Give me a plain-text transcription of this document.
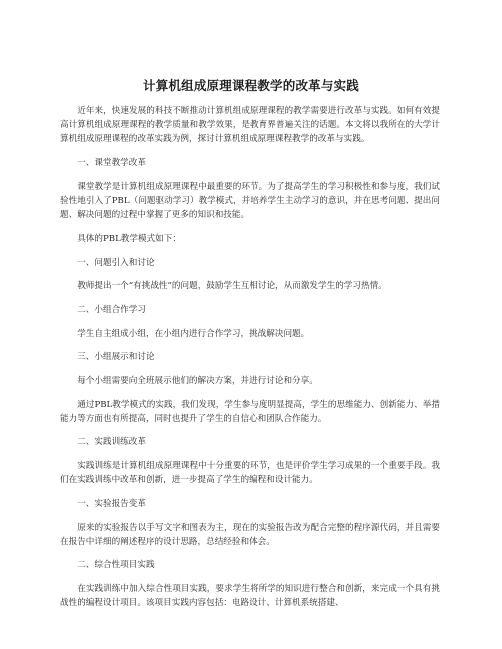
计算机组成原理课程教学的改革与实践

近年来，快速发展的科技不断推动计算机组成原理课程的教学需要进行改革与实践。如何有效提高计算机组成原理课程的教学质量和教学效果，是教育界普遍关注的话题。本文将以我所在的大学计算机组成原理课程的改革实践为例，探讨计算机组成原理课程教学的改革与实践。

一、课堂教学改革

课堂教学是计算机组成原理课程中最重要的环节。为了提高学生的学习积极性和参与度，我们试验性地引入了PBL（问题驱动学习）教学模式，并培养学生主动学习的意识，并在思考问题、提出问题、解决问题的过程中掌握了更多的知识和技能。

具体的PBL教学模式如下：

一、问题引入和讨论

教师提出一个“有挑战性”的问题，鼓励学生互相讨论，从而激发学生的学习热情。

二、小组合作学习

学生自主组成小组，在小组内进行合作学习，挑战解决问题。

三、小组展示和讨论

每个小组需要向全班展示他们的解决方案，并进行讨论和分享。

通过PBL教学模式的实践，我们发现，学生参与度明显提高，学生的思维能力、创新能力、举措能力等方面也有所提高，同时也提升了学生的自信心和团队合作能力。

二、实践训练改革

实践训练是计算机组成原理课程中十分重要的环节，也是评价学生学习成果的一个重要手段。我们在实践训练中改革和创新，进一步提高了学生的编程和设计能力。

一、实验报告变革

原来的实验报告以手写文字和图表为主，现在的实验报告改为配合完整的程序源代码，并且需要在报告中详细的阐述程序的设计思路，总结经验和体会。

二、综合性项目实践

在实践训练中加入综合性项目实践，要求学生将所学的知识进行整合和创新，来完成一个具有挑战性的编程设计项目。该项目实践内容包括：电路设计、计算机系统搭建、
